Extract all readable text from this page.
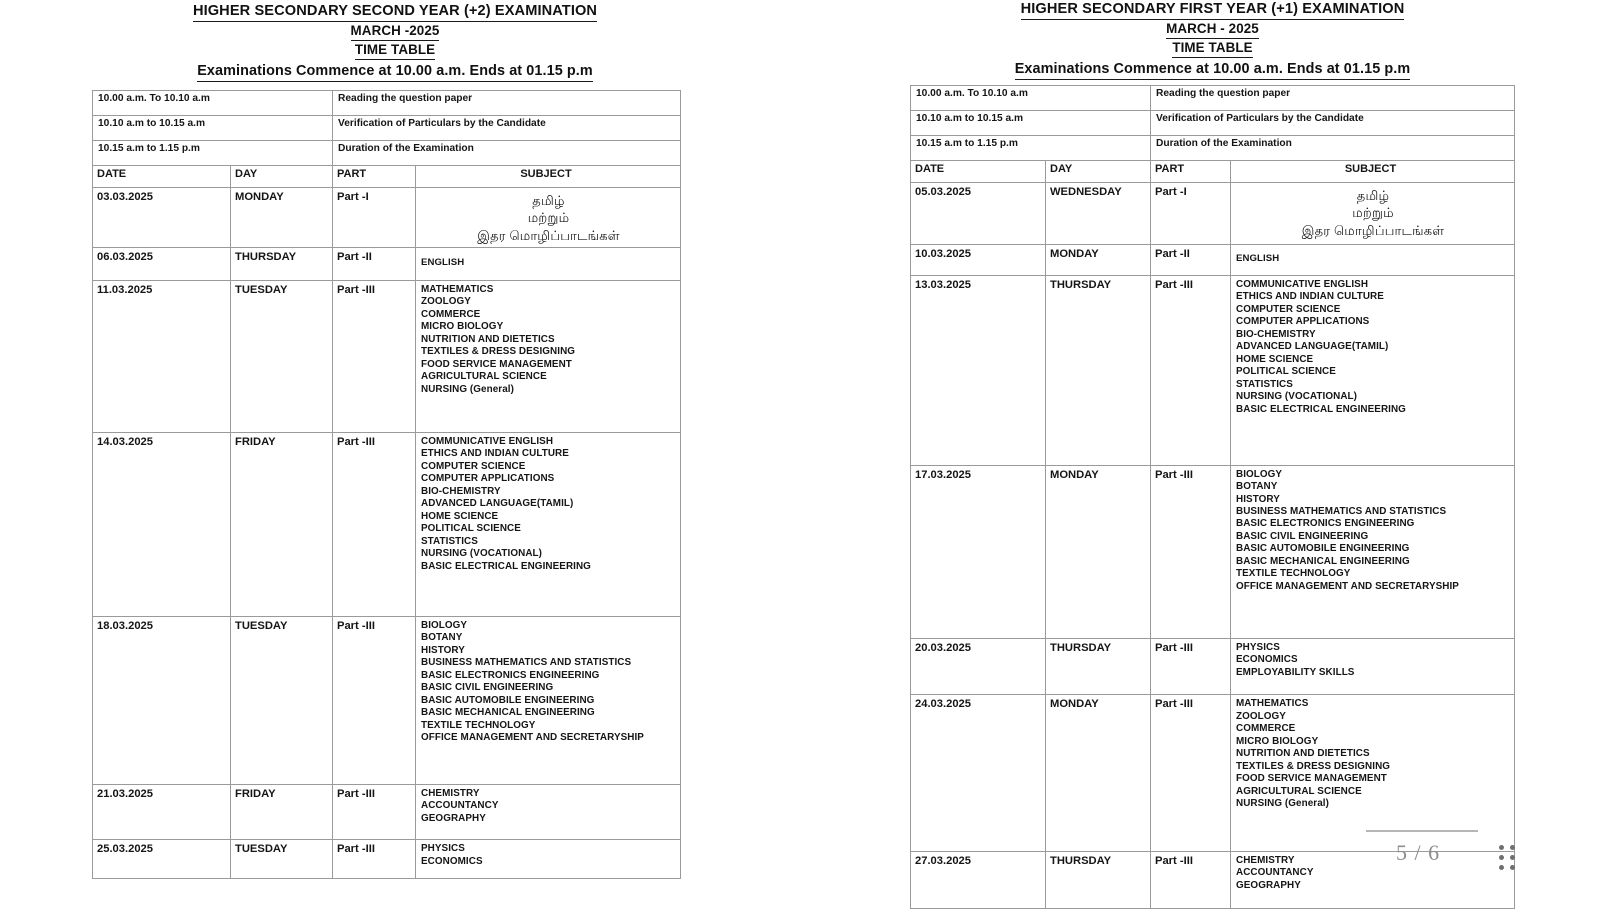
HIGHER SECONDARY SECOND YEAR (+2) EXAMINATION
MARCH -2025
TIME TABLE
Examinations Commence at 10.00 a.m. Ends at 01.15 p.m
10.00 a.m. To 10.10 a.m		Reading the question paper	
10.10 a.m to 10.15 a.m		Verification of Particulars by the Candidate	
10.15 a.m to 1.15 p.m		Duration of the Examination	
DATE	DAY	PART	SUBJECT
03.03.2025	MONDAY	Part -I	தமிழ்
மற்றும்
இதர மொழிப்பாடங்கள்

06.03.2025	THURSDAY	Part -II	ENGLISH

11.03.2025	TUESDAY	Part -III	MATHEMATICS
ZOOLOGY
COMMERCE
MICRO BIOLOGY
NUTRITION AND DIETETICS
TEXTILES & DRESS DESIGNING
FOOD SERVICE MANAGEMENT
AGRICULTURAL SCIENCE
NURSING (General)

14.03.2025	FRIDAY	Part -III	COMMUNICATIVE ENGLISH
ETHICS AND INDIAN CULTURE
COMPUTER SCIENCE
COMPUTER APPLICATIONS
BIO-CHEMISTRY
ADVANCED LANGUAGE(TAMIL)
HOME SCIENCE
POLITICAL SCIENCE
STATISTICS
NURSING (VOCATIONAL)
BASIC ELECTRICAL ENGINEERING

18.03.2025	TUESDAY	Part -III	BIOLOGY
BOTANY
HISTORY
BUSINESS MATHEMATICS AND STATISTICS
BASIC ELECTRONICS ENGINEERING
BASIC CIVIL ENGINEERING
BASIC AUTOMOBILE ENGINEERING
BASIC MECHANICAL ENGINEERING
TEXTILE TECHNOLOGY
OFFICE MANAGEMENT AND SECRETARYSHIP

21.03.2025	FRIDAY	Part -III	CHEMISTRY
ACCOUNTANCY
GEOGRAPHY

25.03.2025	TUESDAY	Part -III	PHYSICS
ECONOMICS
HIGHER SECONDARY FIRST YEAR (+1) EXAMINATION
MARCH - 2025
TIME TABLE
Examinations Commence at 10.00 a.m. Ends at 01.15 p.m
10.00 a.m. To 10.10 a.m		Reading the question paper	
10.10 a.m to 10.15 a.m		Verification of Particulars by the Candidate	
10.15 a.m to 1.15 p.m		Duration of the Examination	
DATE	DAY	PART	SUBJECT
05.03.2025	WEDNESDAY	Part -I	தமிழ்
மற்றும்
இதர மொழிப்பாடங்கள்

10.03.2025	MONDAY	Part -II	ENGLISH

13.03.2025	THURSDAY	Part -III	COMMUNICATIVE ENGLISH
ETHICS AND INDIAN CULTURE
COMPUTER SCIENCE
COMPUTER APPLICATIONS
BIO-CHEMISTRY
ADVANCED LANGUAGE(TAMIL)
HOME SCIENCE
POLITICAL SCIENCE
STATISTICS
NURSING (VOCATIONAL)
BASIC ELECTRICAL ENGINEERING

17.03.2025	MONDAY	Part -III	BIOLOGY
BOTANY
HISTORY
BUSINESS MATHEMATICS AND STATISTICS
BASIC ELECTRONICS ENGINEERING
BASIC CIVIL ENGINEERING
BASIC AUTOMOBILE ENGINEERING
BASIC MECHANICAL ENGINEERING
TEXTILE TECHNOLOGY
OFFICE MANAGEMENT AND SECRETARYSHIP

20.03.2025	THURSDAY	Part -III	PHYSICS
ECONOMICS
EMPLOYABILITY SKILLS

24.03.2025	MONDAY	Part -III	MATHEMATICS
ZOOLOGY
COMMERCE
MICRO BIOLOGY
NUTRITION AND DIETETICS
TEXTILES & DRESS DESIGNING
FOOD SERVICE MANAGEMENT
AGRICULTURAL SCIENCE
NURSING (General)

27.03.2025	THURSDAY	Part -III	CHEMISTRY
ACCOUNTANCY
GEOGRAPHY
5 / 6
